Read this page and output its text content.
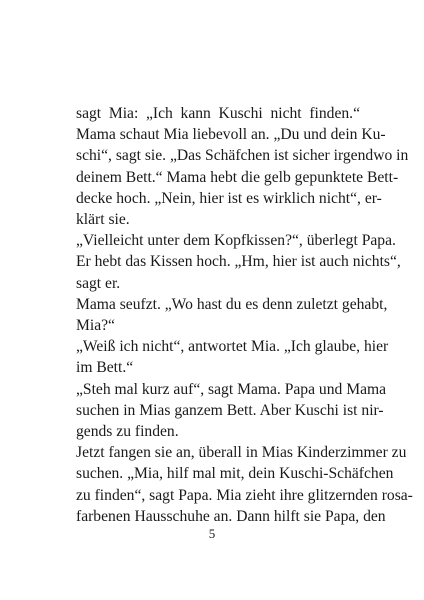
sagt Mia: „Ich kann Kuschi nicht finden.“
Mama schaut Mia liebevoll an. „Du und dein Ku-
schi“, sagt sie. „Das Schäfchen ist sicher irgendwo in
deinem Bett.“ Mama hebt die gelb gepunktete Bett-
decke hoch. „Nein, hier ist es wirklich nicht“, er-
klärt sie.
„Vielleicht unter dem Kopfkissen?“, überlegt Papa.
Er hebt das Kissen hoch. „Hm, hier ist auch nichts“,
sagt er.
Mama seufzt. „Wo hast du es denn zuletzt gehabt,
Mia?“
„Weiß ich nicht“, antwortet Mia. „Ich glaube, hier
im Bett.“
„Steh mal kurz auf“, sagt Mama. Papa und Mama
suchen in Mias ganzem Bett. Aber Kuschi ist nir-
gends zu finden.
Jetzt fangen sie an, überall in Mias Kinderzimmer zu
suchen. „Mia, hilf mal mit, dein Kuschi-Schäfchen
zu finden“, sagt Papa. Mia zieht ihre glitzernden rosa-
farbenen Hausschuhe an. Dann hilft sie Papa, den
5
